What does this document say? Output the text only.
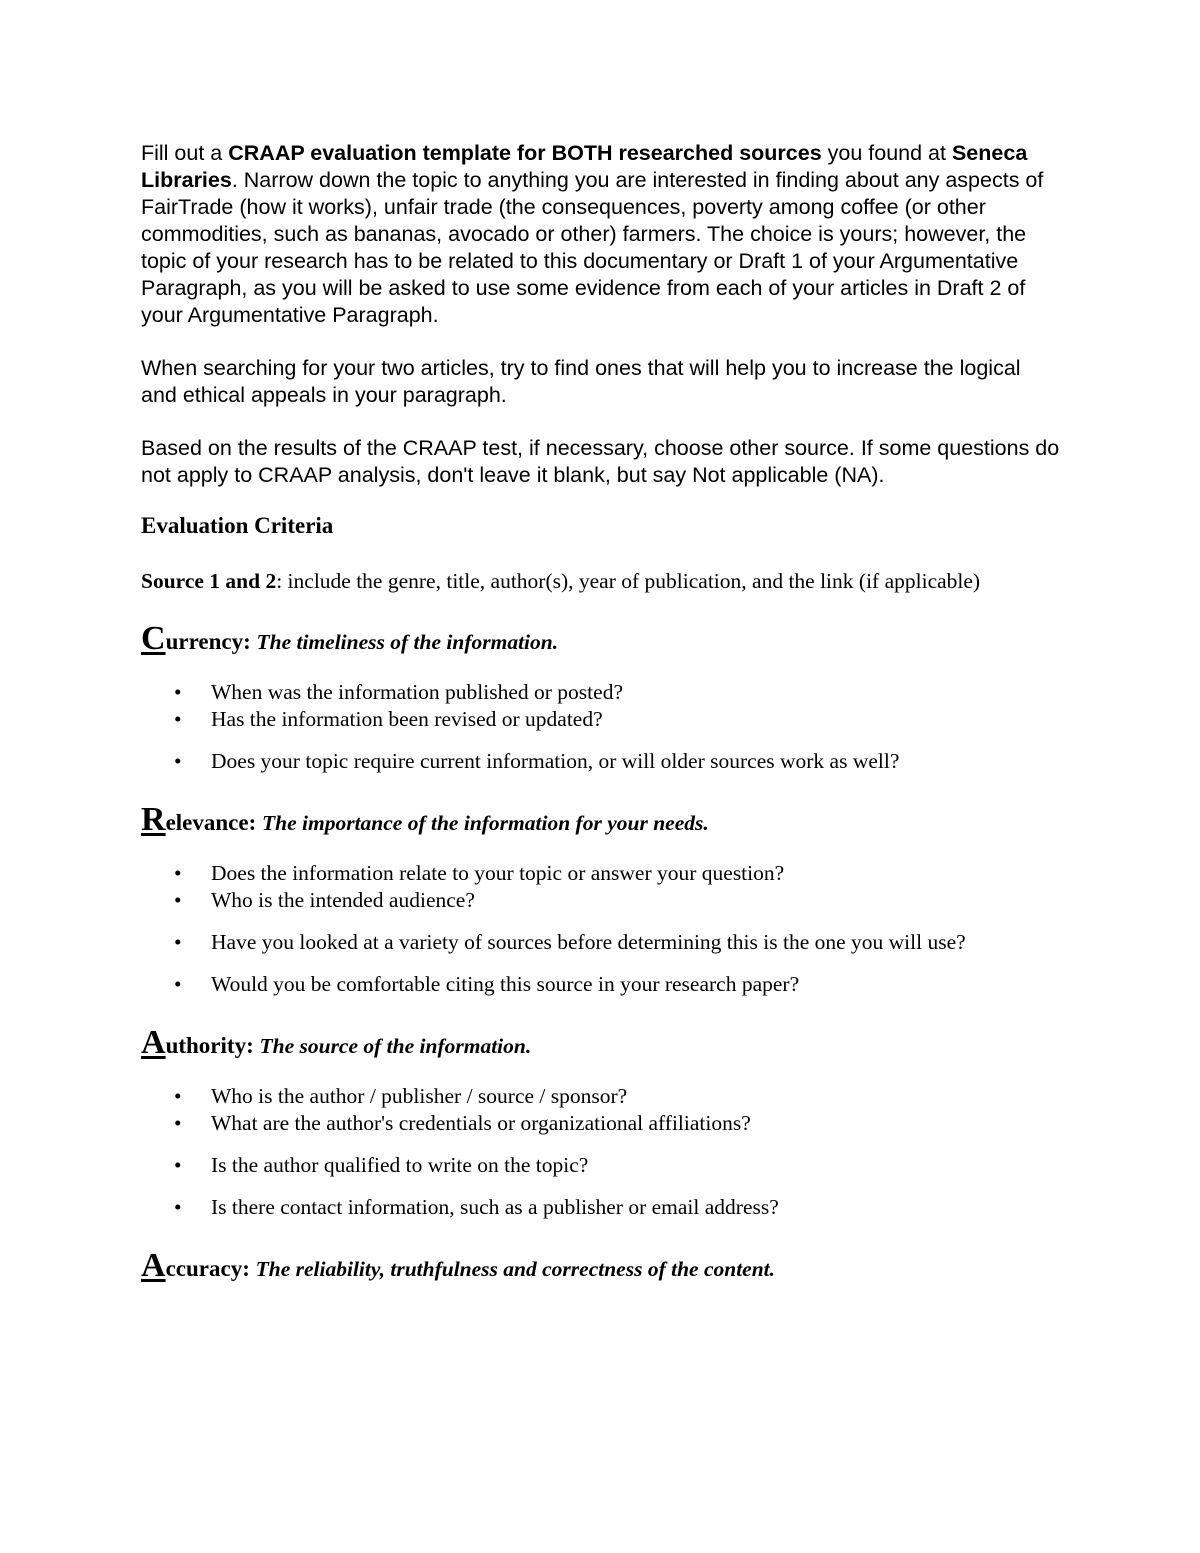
Fill out a CRAAP evaluation template for BOTH researched sources you found at Seneca Libraries. Narrow down the topic to anything you are interested in finding about any aspects of FairTrade (how it works), unfair trade (the consequences, poverty among coffee (or other commodities, such as bananas, avocado or other) farmers. The choice is yours; however, the topic of your research has to be related to this documentary or Draft 1 of your Argumentative Paragraph, as you will be asked to use some evidence from each of your articles in Draft 2 of your Argumentative Paragraph.

When searching for your two articles, try to find ones that will help you to increase the logical and ethical appeals in your paragraph.

Based on the results of the CRAAP test, if necessary, choose other source. If some questions do not apply to CRAAP analysis, don't leave it blank, but say Not applicable (NA).

Evaluation Criteria

Source 1 and 2: include the genre, title, author(s), year of publication, and the link (if applicable)

Currency: The timeliness of the information.
• When was the information published or posted?
• Has the information been revised or updated?
• Does your topic require current information, or will older sources work as well?
Relevance: The importance of the information for your needs.
• Does the information relate to your topic or answer your question?
• Who is the intended audience?
• Have you looked at a variety of sources before determining this is the one you will use?
• Would you be comfortable citing this source in your research paper?
Authority: The source of the information.
• Who is the author / publisher / source / sponsor?
• What are the author's credentials or organizational affiliations?
• Is the author qualified to write on the topic?
• Is there contact information, such as a publisher or email address?
Accuracy: The reliability, truthfulness and correctness of the content.
